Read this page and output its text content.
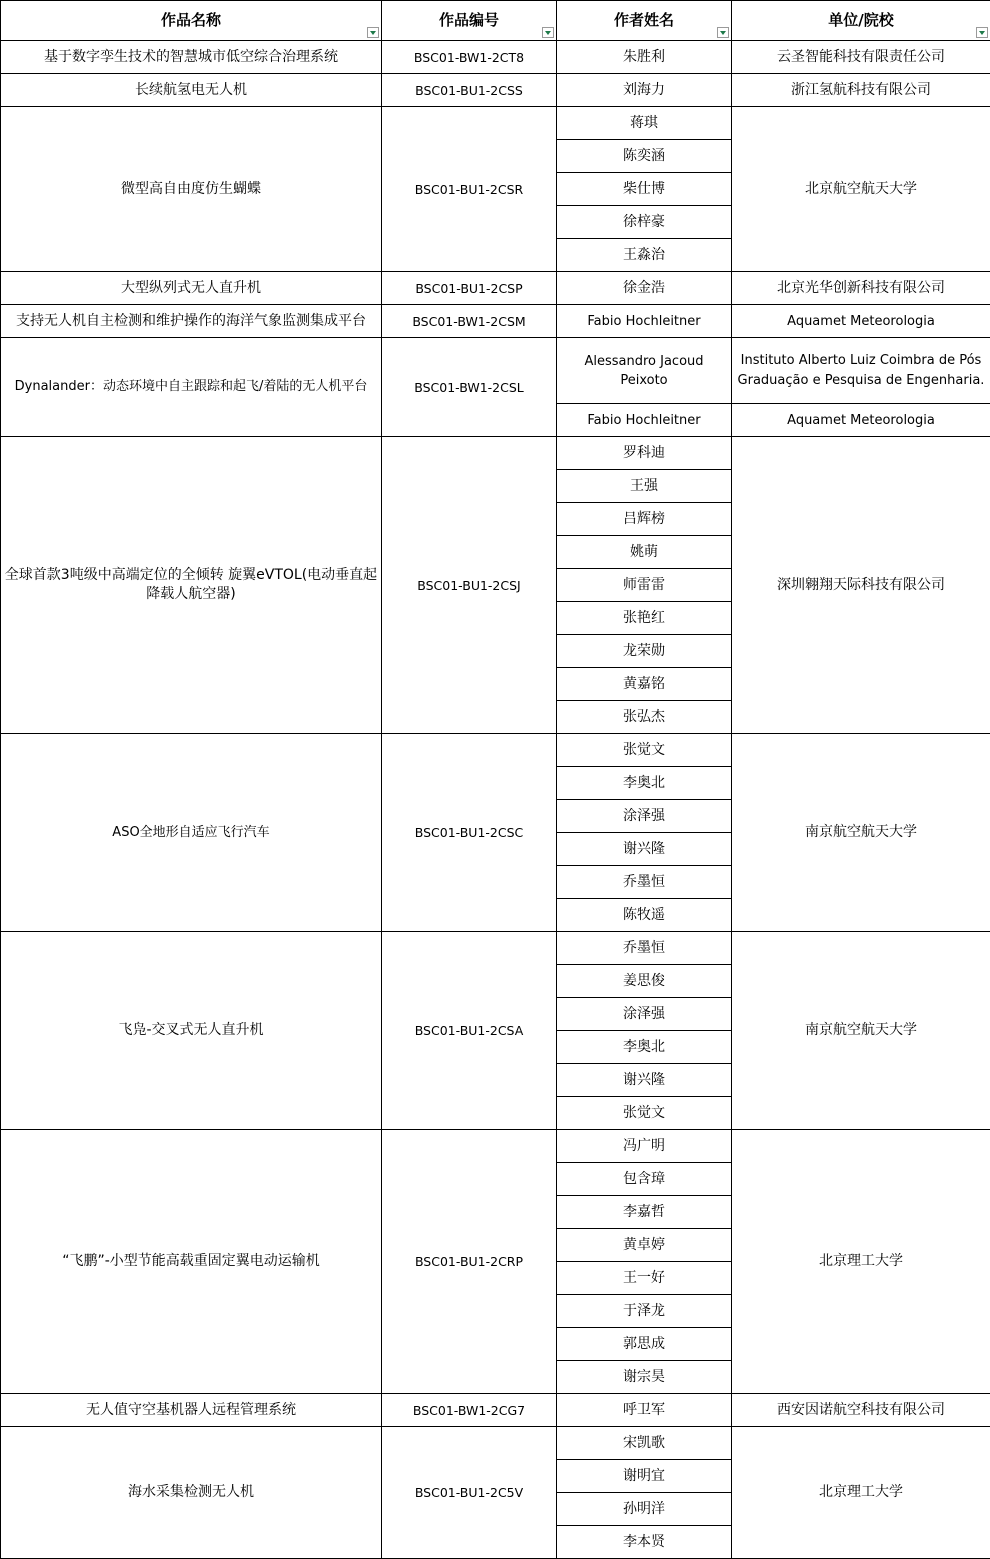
作品名称	作品编号	作者姓名	单位/院校

基于数字孪生技术的智慧城市低空综合治理系统	BSC01-BW1-2CT8	朱胜利	云圣智能科技有限责任公司
长续航氢电无人机	BSC01-BU1-2CSS	刘海力	浙江氢航科技有限公司
微型高自由度仿生蝴蝶	BSC01-BU1-2CSR	蒋琪	北京航空航天大学
		陈奕涵	
		柴仕博	
		徐梓豪	
		王淼治	
大型纵列式无人直升机	BSC01-BU1-2CSP	徐金浩	北京光华创新科技有限公司
支持无人机自主检测和维护操作的海洋气象监测集成平台	BSC01-BW1-2CSM	Fabio Hochleitner	Aquamet Meteorologia
Dynalander：动态环境中自主跟踪和起飞/着陆的无人机平台	BSC01-BW1-2CSL	Alessandro Jacoud Peixoto	Instituto Alberto Luiz Coimbra de Pós Graduação e Pesquisa de Engenharia.
		Fabio Hochleitner	Aquamet Meteorologia
全球首款3吨级中高端定位的全倾转 旋翼eVTOL(电动垂直起降载人航空器)	BSC01-BU1-2CSJ	罗科迪	深圳翱翔天际科技有限公司
		王强	
		吕辉榜	
		姚萌	
		师雷雷	
		张艳红	
		龙荣勋	
		黄嘉铭	
		张弘杰	
ASO全地形自适应飞行汽车	BSC01-BU1-2CSC	张觉文	南京航空航天大学
		李奥北	
		涂泽强	
		谢兴隆	
		乔墨恒	
		陈牧遥	
飞凫-交叉式无人直升机	BSC01-BU1-2CSA	乔墨恒	南京航空航天大学
		姜思俊	
		涂泽强	
		李奥北	
		谢兴隆	
		张觉文	
“飞鹏”-小型节能高载重固定翼电动运输机	BSC01-BU1-2CRP	冯广明	北京理工大学
		包含璋	
		李嘉哲	
		黄卓婷	
		王一好	
		于泽龙	
		郭思成	
		谢宗昊	
无人值守空基机器人远程管理系统	BSC01-BW1-2CG7	呼卫军	西安因诺航空科技有限公司
海水采集检测无人机	BSC01-BU1-2C5V	宋凯歌	北京理工大学
		谢明宜	
		孙明洋	
		李本贤	
